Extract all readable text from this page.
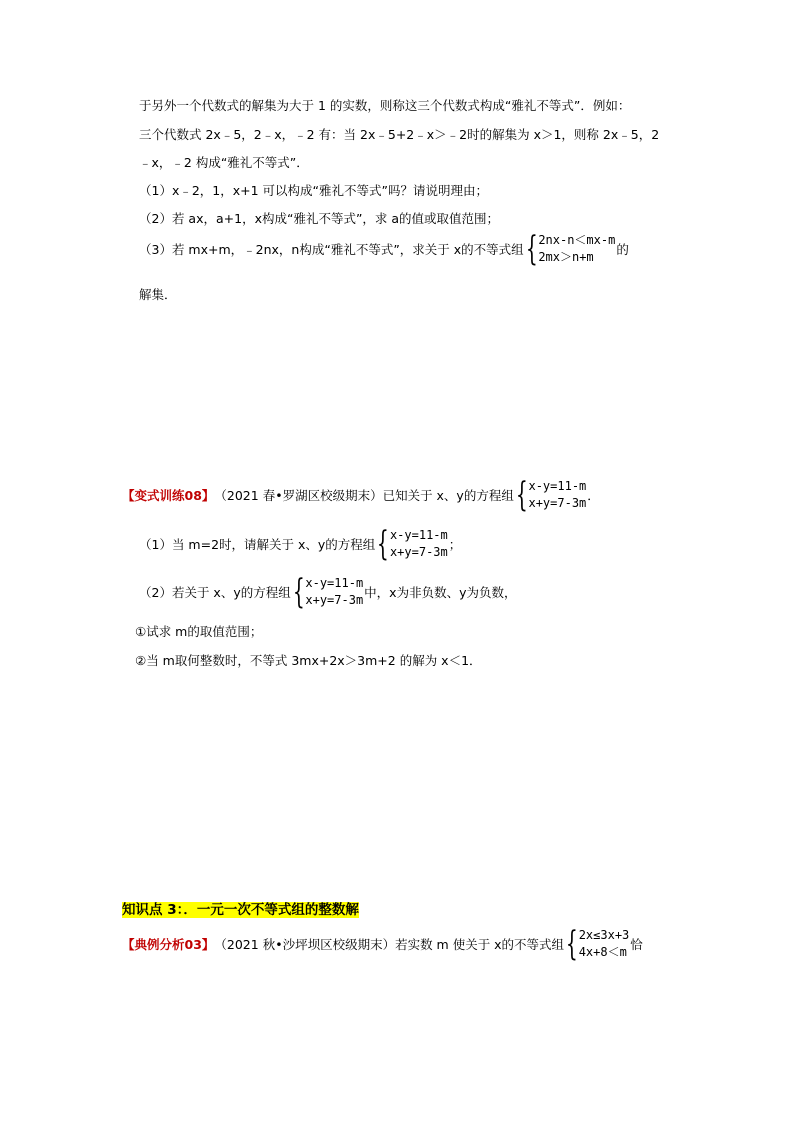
于另外一个代数式的解集为大于 1 的实数，则称这三个代数式构成“雅礼不等式”．例如：
三个代数式 2x﹣5，2﹣x，﹣2 有：当 2x﹣5+2﹣x＞﹣2时的解集为 x＞1，则称 2x﹣5，2
﹣x，﹣2 构成“雅礼不等式”．
（1）x﹣2，1，x+1 可以构成“雅礼不等式”吗？请说明理由；
（2）若 ax，a+1，x构成“雅礼不等式”，求 a的值或取值范围；
（3）若 mx+m，﹣2nx，n构成“雅礼不等式”，求关于 x的不等式组 { 2nx-n＜mx-m
2mx＞n+m	的
解集．
【变式训练08】 （2021 春•罗湖区校级期末）已知关于 x、y的方程组 { x-y=11-m
x+y=7-3m ．
（1）当 m=2时，请解关于 x、y的方程组 { x-y=11-m
x+y=7-3m ；
（2）若关于 x、y的方程组 { x-y=11-m
x+y=7-3m 中，x为非负数、y为负数，
①试求 m的取值范围；
②当 m取何整数时，不等式 3mx+2x＞3m+2 的解为 x＜1．
知识点 3：．一元一次不等式组的整数解
【典例分析03】 （2021 秋•沙坪坝区校级期末）若实数 m 使关于 x的不等式组 { 2x≤3x+3
4x+8＜m 恰
